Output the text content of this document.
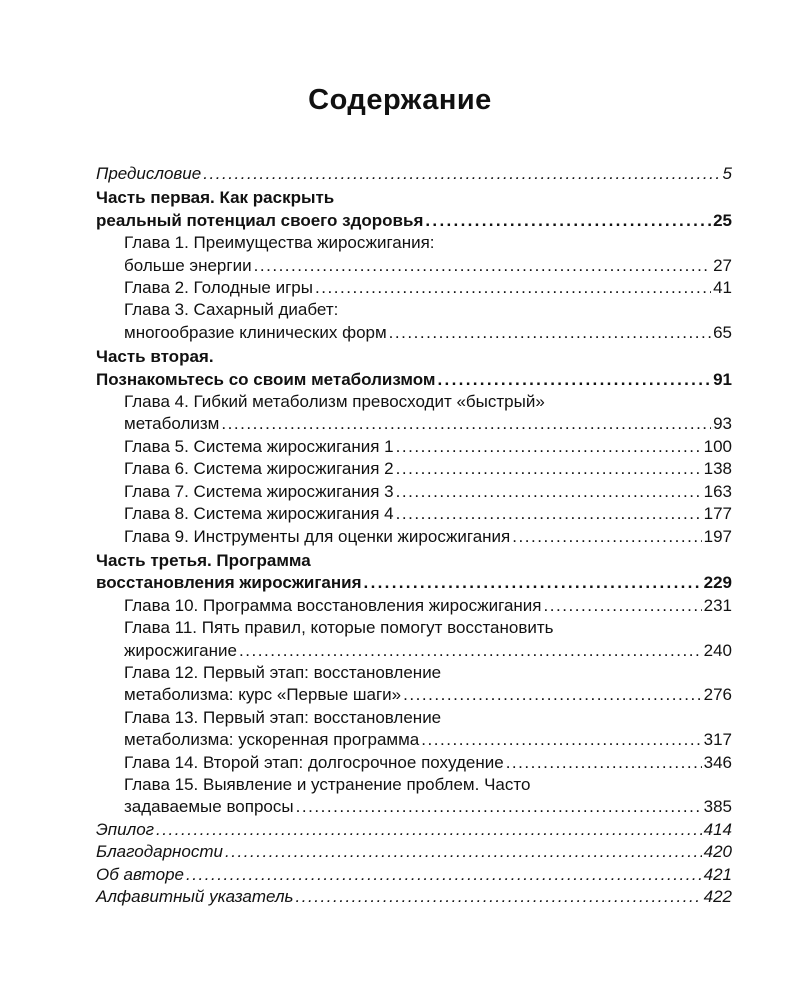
Содержание
Предисловие . . .	5
Часть первая. Как раскрыть
реальный потенциал своего здоровья . . .	25
Глава 1. Преимущества жиросжигания:
больше энергии . . .	27
Глава 2. Голодные игры . . .	41
Глава 3. Сахарный диабет:
многообразие клинических форм . . .	65
Часть вторая.
Познакомьтесь со своим метаболизмом . . .	91
Глава 4. Гибкий метаболизм превосходит «быстрый»
метаболизм . . .	93
Глава 5. Система жиросжигания 1 . . .	100
Глава 6. Система жиросжигания 2 . . .	138
Глава 7. Система жиросжигания 3 . . .	163
Глава 8. Система жиросжигания 4 . . .	177
Глава 9. Инструменты для оценки жиросжигания . . .	197
Часть третья. Программа
восстановления жиросжигания . . .	229
Глава 10. Программа восстановления жиросжигания . . .	231
Глава 11. Пять правил, которые помогут восстановить
жиросжигание . . .	240
Глава 12. Первый этап: восстановление
метаболизма: курс «Первые шаги» . . .	276
Глава 13. Первый этап: восстановление
метаболизма: ускоренная программа . . .	317
Глава 14. Второй этап: долгосрочное похудение . . .	346
Глава 15. Выявление и устранение проблем. Часто
задаваемые вопросы . . .	385
Эпилог . . .	414
Благодарности . . .	420
Об авторе . . .	421
Алфавитный указатель . . .	422
